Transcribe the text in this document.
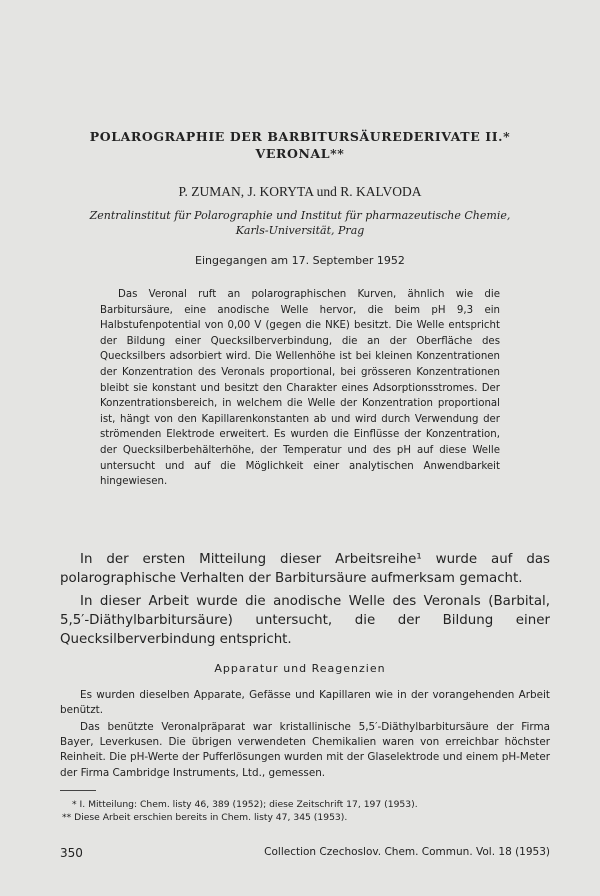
POLAROGRAPHIE DER BARBITURSÄUREDERIVATE II.*
VERONAL**

P. ZUMAN, J. KORYTA und R. KALVODA

Zentralinstitut für Polarographie und Institut für pharmazeutische Chemie,
Karls-Universität, Prag

Eingegangen am 17. September 1952

Das Veronal ruft an polarographischen Kurven, ähnlich wie die Barbitursäure, eine anodische Welle hervor, die beim pH 9,3 ein Halbstufenpotential von 0,00 V (gegen die NKE) besitzt. Die Welle entspricht der Bildung einer Quecksilberverbindung, die an der Oberfläche des Quecksilbers adsorbiert wird. Die Wellenhöhe ist bei kleinen Konzentrationen der Konzentration des Veronals proportional, bei grösseren Konzentrationen bleibt sie konstant und besitzt den Charakter eines Adsorptionsstromes. Der Konzentrationsbereich, in welchem die Welle der Konzentration proportional ist, hängt von den Kapillarenkonstanten ab und wird durch Verwendung der strömenden Elektrode erweitert. Es wurden die Einflüsse der Konzentration, der Quecksilberbehälterhöhe, der Temperatur und des pH auf diese Welle untersucht und auf die Möglichkeit einer analytischen Anwendbarkeit hingewiesen.

In der ersten Mitteilung dieser Arbeitsreihe¹ wurde auf das polarographische Verhalten der Barbitursäure aufmerksam gemacht.

In dieser Arbeit wurde die anodische Welle des Veronals (Barbital, 5,5′-Diäthylbarbitursäure) untersucht, die der Bildung einer Quecksilberverbindung entspricht.

Apparatur und Reagenzien

Es wurden dieselben Apparate, Gefässe und Kapillaren wie in der vorangehenden Arbeit benützt.

Das benützte Veronalpräparat war kristallinische 5,5′-Diäthylbarbitursäure der Firma Bayer, Leverkusen. Die übrigen verwendeten Chemikalien waren von erreichbar höchster Reinheit. Die pH-Werte der Pufferlösungen wurden mit der Glaselektrode und einem pH-Meter der Firma Cambridge Instruments, Ltd., gemessen.

* I. Mitteilung: Chem. listy 46, 389 (1952); diese Zeitschrift 17, 197 (1953).

** Diese Arbeit erschien bereits in Chem. listy 47, 345 (1953).

350	Collection Czechoslov. Chem. Commun. Vol. 18 (1953)
